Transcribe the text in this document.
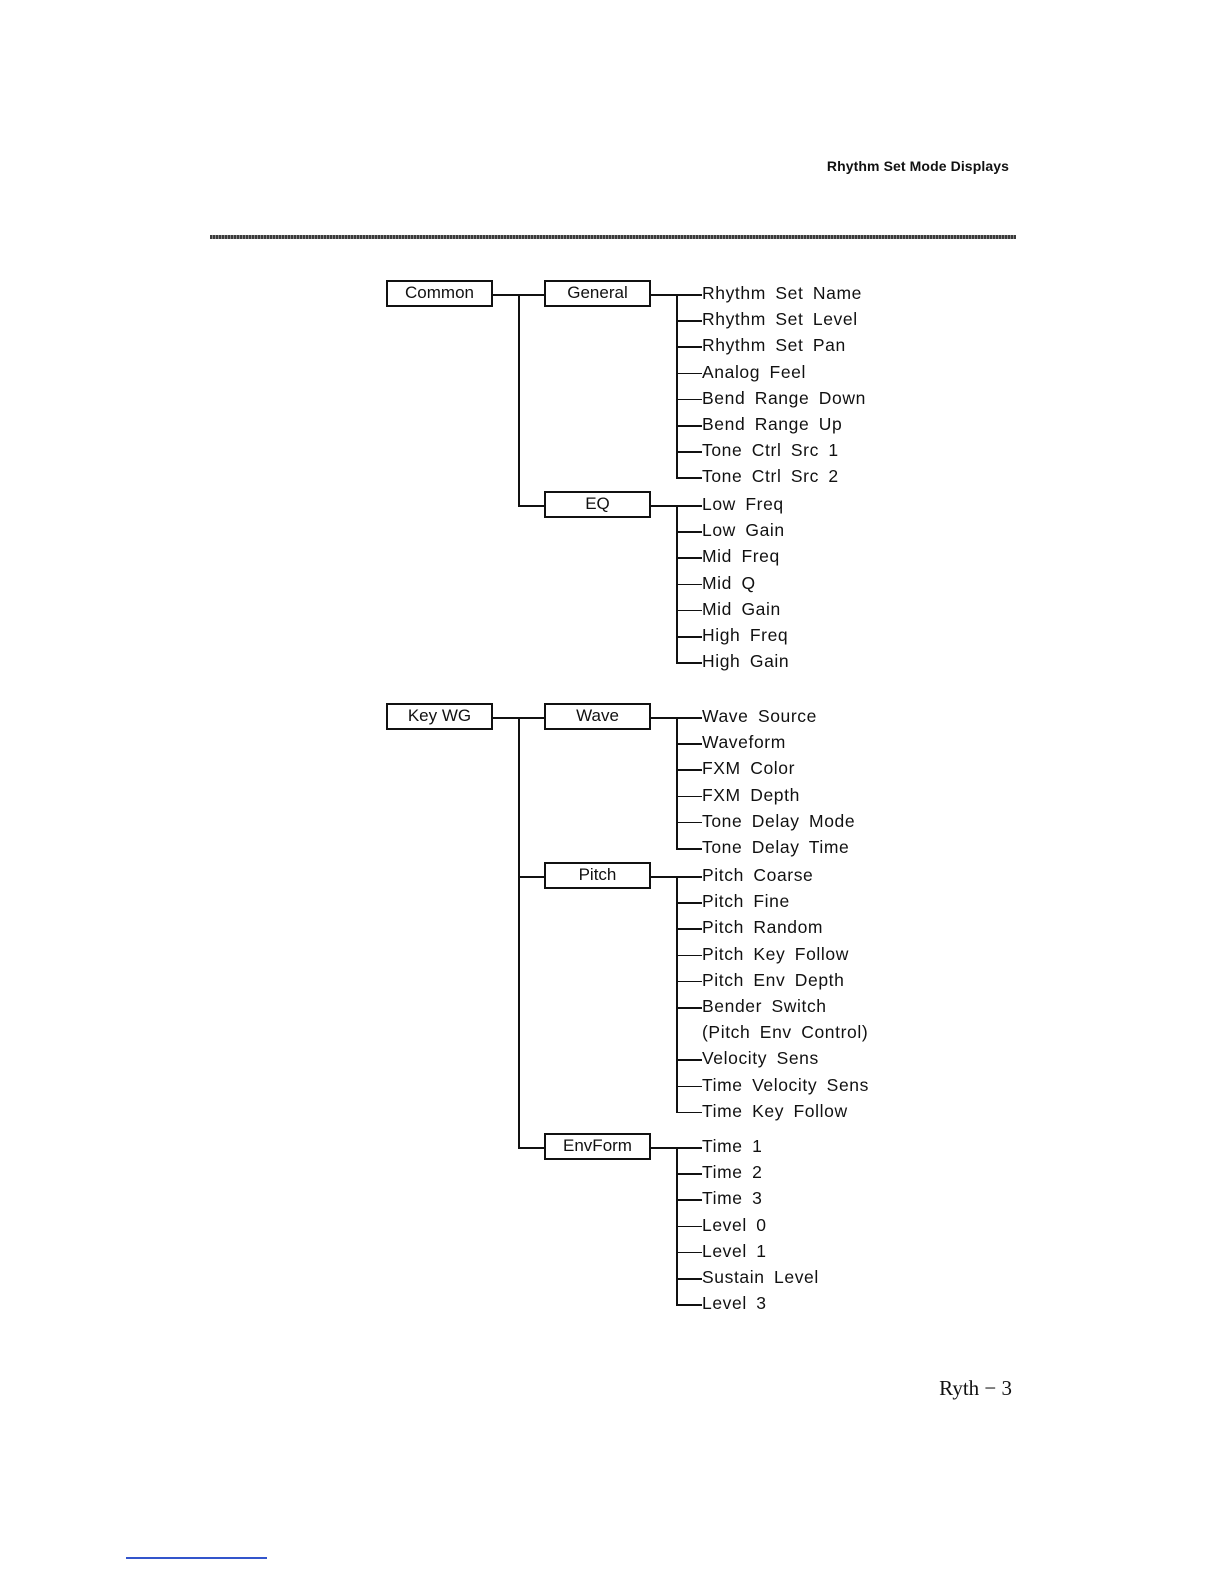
Rhythm Set Mode Displays
Common	General	Rhythm Set Name
Rhythm Set Level
Rhythm Set Pan
Analog Feel
Bend Range Down
Bend Range Up
Tone Ctrl Src 1
Tone Ctrl Src 2
EQ	Low Freq
Low Gain
Mid Freq
Mid Q
Mid Gain
High Freq
High Gain
Key WG	Wave	Wave Source
Waveform
FXM Color
FXM Depth
Tone Delay Mode
Tone Delay Time
Pitch	Pitch Coarse
Pitch Fine
Pitch Random
Pitch Key Follow
Pitch Env Depth
Bender Switch
(Pitch Env Control)
Velocity Sens
Time Velocity Sens
Time Key Follow
EnvForm	Time 1
Time 2
Time 3
Level 0
Level 1
Sustain Level
Level 3
Ryth − 3
